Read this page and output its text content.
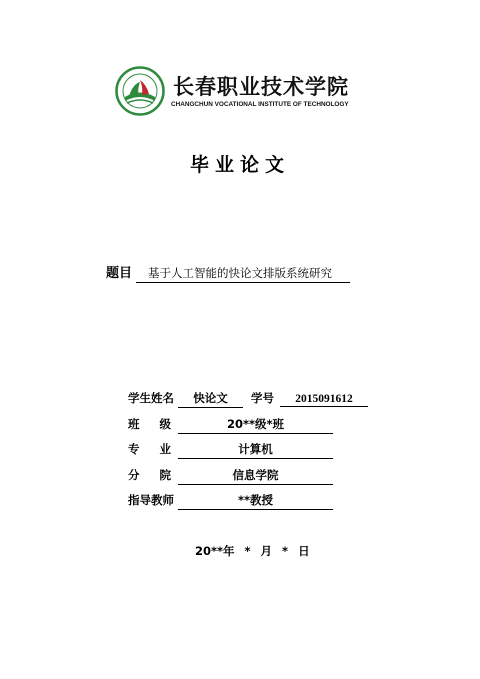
长春职业技术学院
CHANGCHUN VOCATIONAL INSTITUTE OF TECHNOLOGY
毕业论文
题目 基于人工智能的快论文排版系统研究
学生姓名 快论文 学号 2015091612
班 级	20**级*班
专 业	计算机
分 院	信息学院
指导教师	**教授
20**年 * 月 * 日
